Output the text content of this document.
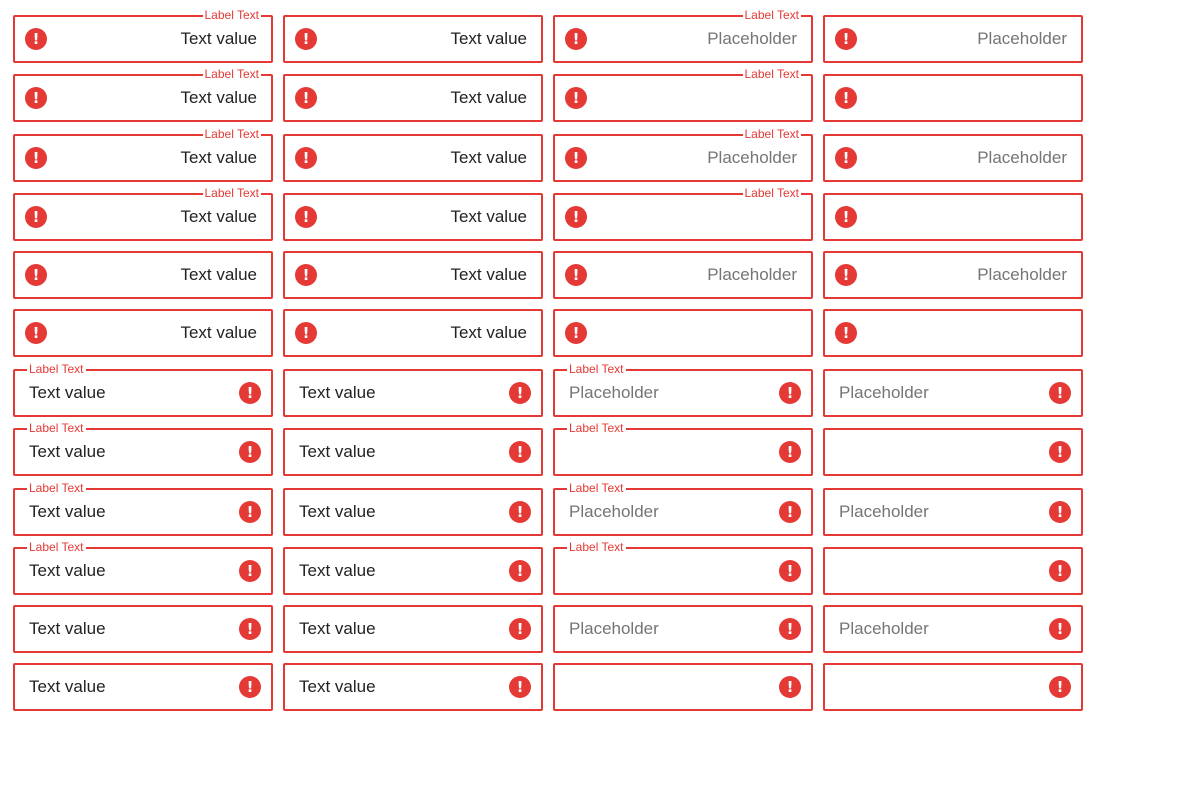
Label Text
!	Text value	!	Text value
Label Text
!	Placeholder	!	Placeholder
Label Text
!	Text value	!	Text value
Label Text
!	!
Label Text
!	Text value	!	Text value
Label Text
!	Placeholder	!	Placeholder
Label Text
!	Text value	!	Text value
Label Text
!	!
!	Text value	!	Text value	!	Placeholder	!	Placeholder
!	Text value	!	Text value	!	!
Label Text
!
Text value	!
Text value
Label Text
!
Placeholder	!
Placeholder
Label Text
!
Text value	!
Text value
Label Text
!	!
Label Text
!
Text value	!
Text value
Label Text
!
Placeholder	!
Placeholder
Label Text
!
Text value	!
Text value
Label Text
!	!
!
Text value	!
Text value	!
Placeholder	!
Placeholder
!
Text value	!
Text value	!	!
